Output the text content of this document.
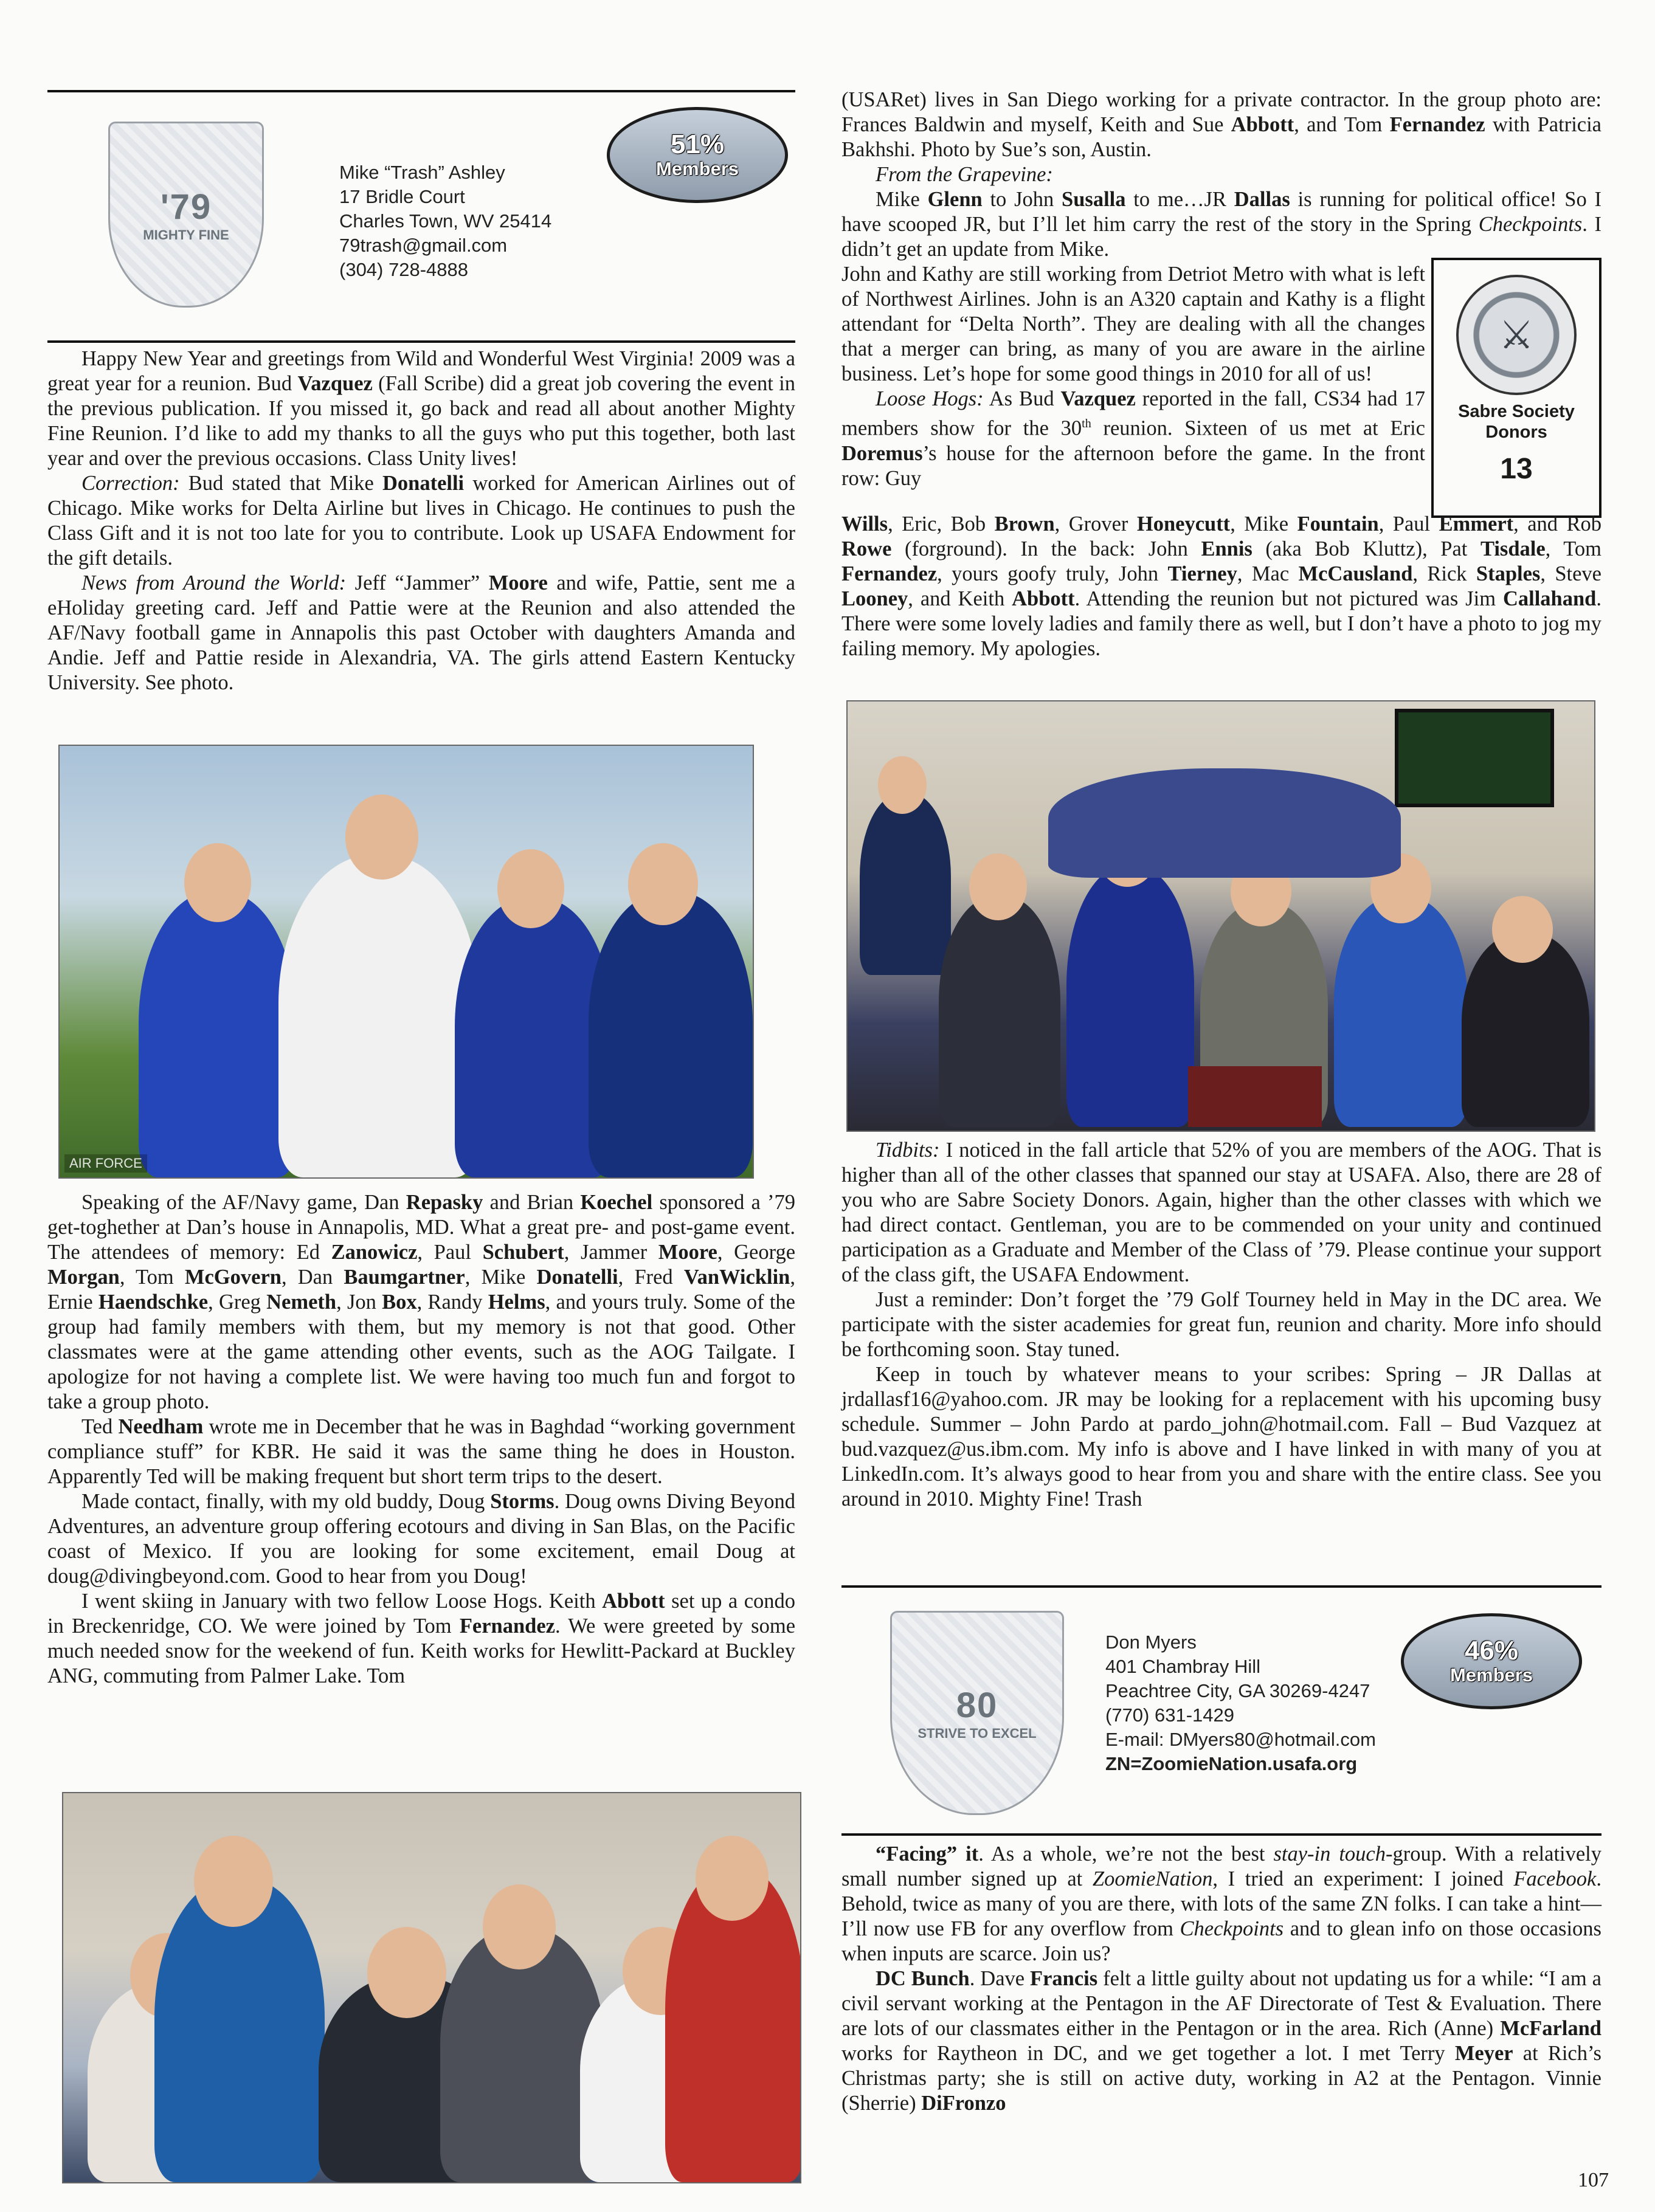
'79
MIGHTY FINE
Mike “Trash” Ashley
17 Bridle Court
Charles Town, WV 25414
79trash@gmail.com
(304) 728-4888
51%
Members

Happy New Year and greetings from Wild and Wonderful West Virginia! 2009 was a great year for a reunion. Bud Vazquez (Fall Scribe) did a great job covering the event in the previous publication. If you missed it, go back and read all about another Mighty Fine Reunion. I’d like to add my thanks to all the guys who put this together, both last year and over the previous occasions. Class Unity lives!

Correction: Bud stated that Mike Donatelli worked for American Airlines out of Chicago. Mike works for Delta Airline but lives in Chicago. He continues to push the Class Gift and it is not too late for you to contribute. Look up USAFA Endowment for the gift details.

News from Around the World: Jeff “Jammer” Moore and wife, Pattie, sent me a eHoliday greeting card. Jeff and Pattie were at the Reunion and also attended the AF/Navy football game in Annapolis this past October with daughters Amanda and Andie. Jeff and Pattie reside in Alexandria, VA. The girls attend Eastern Kentucky University. See photo.

AIR FORCE

Speaking of the AF/Navy game, Dan Repasky and Brian Koechel sponsored a ’79 get-toghether at Dan’s house in Annapolis, MD. What a great pre- and post-game event. The attendees of memory: Ed Zanowicz, Paul Schubert, Jammer Moore, George Morgan, Tom McGovern, Dan Baumgartner, Mike Donatelli, Fred VanWicklin, Ernie Haendschke, Greg Nemeth, Jon Box, Randy Helms, and yours truly. Some of the group had family members with them, but my memory is not that good. Other classmates were at the game attending other events, such as the AOG Tailgate. I apologize for not having a complete list. We were having too much fun and forgot to take a group photo.

Ted Needham wrote me in December that he was in Baghdad “working government compliance stuff” for KBR. He said it was the same thing he does in Houston. Apparently Ted will be making frequent but short term trips to the desert.

Made contact, finally, with my old buddy, Doug Storms. Doug owns Diving Beyond Adventures, an adventure group offering ecotours and diving in San Blas, on the Pacific coast of Mexico. If you are looking for some excitement, email Doug at doug@divingbeyond.com. Good to hear from you Doug!

I went skiing in January with two fellow Loose Hogs. Keith Abbott set up a condo in Breckenridge, CO. We were joined by Tom Fernandez. We were greeted by some much needed snow for the weekend of fun. Keith works for Hewlitt-Packard at Buckley ANG, commuting from Palmer Lake. Tom

(USARet) lives in San Diego working for a private contractor. In the group photo are: Frances Baldwin and myself, Keith and Sue Abbott, and Tom Fernandez with Patricia Bakhshi. Photo by Sue’s son, Austin.

From the Grapevine:

Mike Glenn to John Susalla to me…JR Dallas is running for political office! So I have scooped JR, but I’ll let him carry the rest of the story in the Spring Checkpoints. I didn’t get an update from Mike.

John and Kathy are still working from Detriot Metro with what is left of Northwest Airlines. John is an A320 captain and Kathy is a flight attendant for “Delta North”. They are dealing with all the changes that a merger can bring, as many of you are aware in the airline business. Let’s hope for some good things in 2010 for all of us!

Loose Hogs: As Bud Vazquez reported in the fall, CS34 had 17 members show for the 30th reunion. Sixteen of us met at Eric Doremus’s house for the afternoon before the game. In the front row: Guy

⚔
Sabre Society
Donors
13

Wills, Eric, Bob Brown, Grover Honeycutt, Mike Fountain, Paul Emmert, and Rob Rowe (forground). In the back: John Ennis (aka Bob Kluttz), Pat Tisdale, Tom Fernandez, yours goofy truly, John Tierney, Mac McCausland, Rick Staples, Steve Looney, and Keith Abbott. Attending the reunion but not pictured was Jim Callahand. There were some lovely ladies and family there as well, but I don’t have a photo to jog my failing memory. My apologies.

Tidbits: I noticed in the fall article that 52% of you are members of the AOG. That is higher than all of the other classes that spanned our stay at USAFA. Also, there are 28 of you who are Sabre Society Donors. Again, higher than the other classes with which we had direct contact. Gentleman, you are to be commended on your unity and continued participation as a Graduate and Member of the Class of ’79. Please continue your support of the class gift, the USAFA Endowment.

Just a reminder: Don’t forget the ’79 Golf Tourney held in May in the DC area. We participate with the sister academies for great fun, reunion and charity. More info should be forthcoming soon. Stay tuned.

Keep in touch by whatever means to your scribes: Spring – JR Dallas at jrdallasf16@yahoo.com. JR may be looking for a replacement with his upcoming busy schedule. Summer – John Pardo at pardo_john@hotmail.com. Fall – Bud Vazquez at bud.vazquez@us.ibm.com. My info is above and I have linked in with many of you at LinkedIn.com. It’s always good to hear from you and share with the entire class. See you around in 2010. Mighty Fine! Trash

80
STRIVE TO EXCEL
Don Myers
401 Chambray Hill
Peachtree City, GA 30269-4247
(770) 631-1429
E-mail: DMyers80@hotmail.com
ZN=ZoomieNation.usafa.org
46%
Members

“Facing” it. As a whole, we’re not the best stay-in touch-group. With a relatively small number signed up at ZoomieNation, I tried an experiment: I joined Facebook. Behold, twice as many of you are there, with lots of the same ZN folks. I can take a hint—I’ll now use FB for any overflow from Checkpoints and to glean info on those occasions when inputs are scarce. Join us?

DC Bunch. Dave Francis felt a little guilty about not updating us for a while: “I am a civil servant working at the Pentagon in the AF Directorate of Test & Evaluation. There are lots of our classmates either in the Pentagon or in the area. Rich (Anne) McFarland works for Raytheon in DC, and we get together a lot. I met Terry Meyer at Rich’s Christmas party; she is still on active duty, working in A2 at the Pentagon. Vinnie (Sherrie) DiFronzo

107
